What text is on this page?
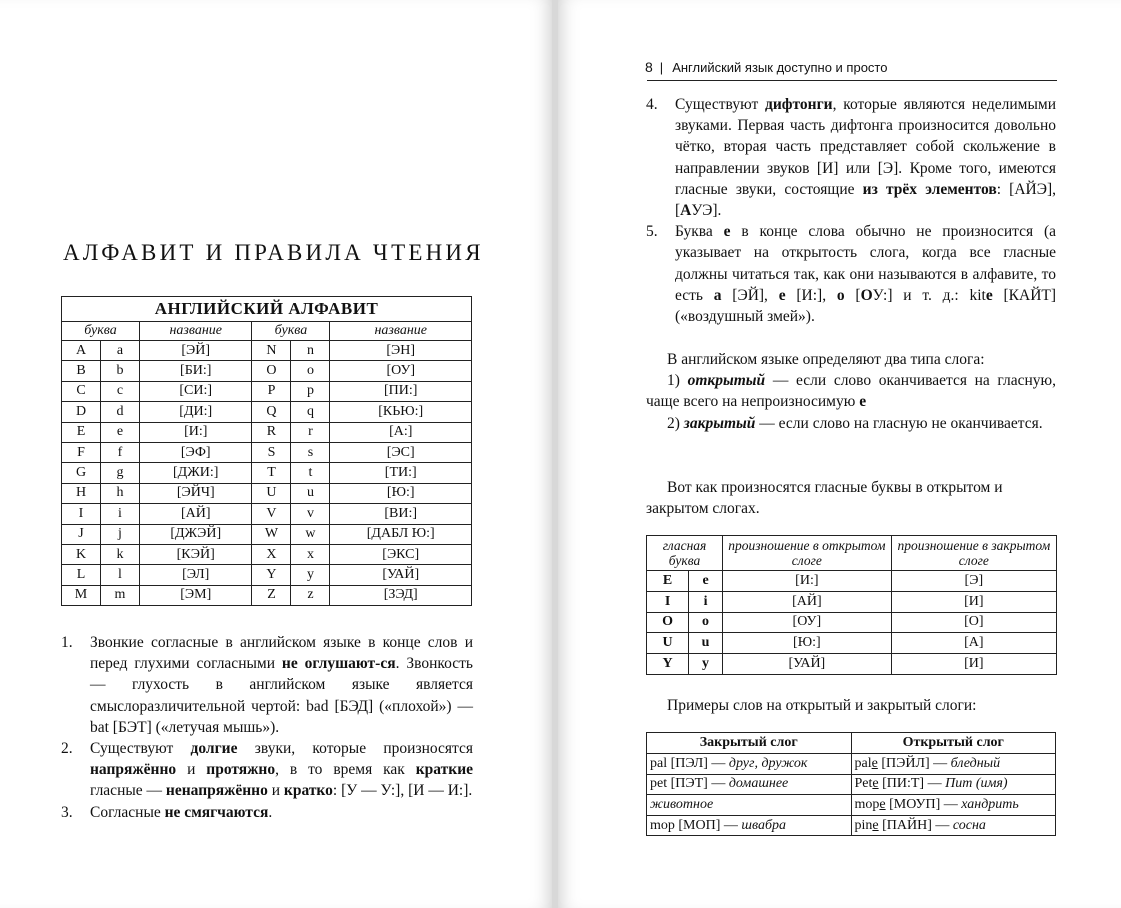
АЛФАВИТ И ПРАВИЛА ЧТЕНИЯ
АНГЛИЙСКИЙ АЛФАВИТ					
буква		название	буква		название
A	a	[ЭЙ]	N	n	[ЭН]
B	b	[БИ:]	O	o	[ОУ]
C	c	[СИ:]	P	p	[ПИ:]
D	d	[ДИ:]	Q	q	[КЬЮ:]
E	e	[И:]	R	r	[А:]
F	f	[ЭФ]	S	s	[ЭС]
G	g	[ДЖИ:]	T	t	[ТИ:]
H	h	[ЭЙЧ]	U	u	[Ю:]
I	i	[АЙ]	V	v	[ВИ:]
J	j	[ДЖЭЙ]	W	w	[ДАБЛ Ю:]
K	k	[КЭЙ]	X	x	[ЭКС]
L	l	[ЭЛ]	Y	y	[УАЙ]
M	m	[ЭМ]	Z	z	[ЗЭД]

1. Звонкие согласные в английском языке в конце слов и перед глухими согласными не оглушают-ся. Звонкость — глухость в английском языке является смыслоразличительной чертой: bad [БЭД] («плохой») — bat [БЭТ] («летучая мышь»).

2. Существуют долгие звуки, которые произносятся напряжённо и протяжно, в то время как краткие гласные — ненапряжённо и кратко: [У — У:], [И — И:].

3. Согласные не смягчаются.

8 | Английский язык доступно и просто

4. Существуют дифтонги, которые являются неделимыми звуками. Первая часть дифтонга произносится довольно чётко, вторая часть представляет собой скольжение в направлении звуков [И] или [Э]. Кроме того, имеются гласные звуки, состоящие из трёх элементов: [АЙЭ], [АУЭ].

5. Буква e в конце слова обычно не произносится (а указывает на открытость слога, когда все гласные должны читаться так, как они называются в алфавите, то есть a [ЭЙ], e [И:], o [ОУ:] и т. д.: kite [КАЙТ] («воздушный змей»).

В английском языке определяют два типа слога:
1) открытый — если слово оканчивается на гласную, чаще всего на непроизносимую e
2) закрытый — если слово на гласную не оканчивается.
Вот как произносятся гласные буквы в открытом и закрытом слогах.
гласная буква		произношение в открытом слоге	произношение в закрытом слоге
E	e	[И:]	[Э]
I	i	[АЙ]	[И]
O	o	[ОУ]	[О]
U	u	[Ю:]	[А]
Y	y	[УАЙ]	[И]
Примеры слов на открытый и закрытый слоги:
Закрытый слог	Открытый слог
pal [ПЭЛ] — друг, дружок	pale [ПЭЙЛ] — бледный
pet [ПЭТ] — домашнее	Pete [ПИ:Т] — Пит (имя)
животное	mope [МОУП] — хандрить
mop [МОП] — швабра	pine [ПАЙН] — сосна
